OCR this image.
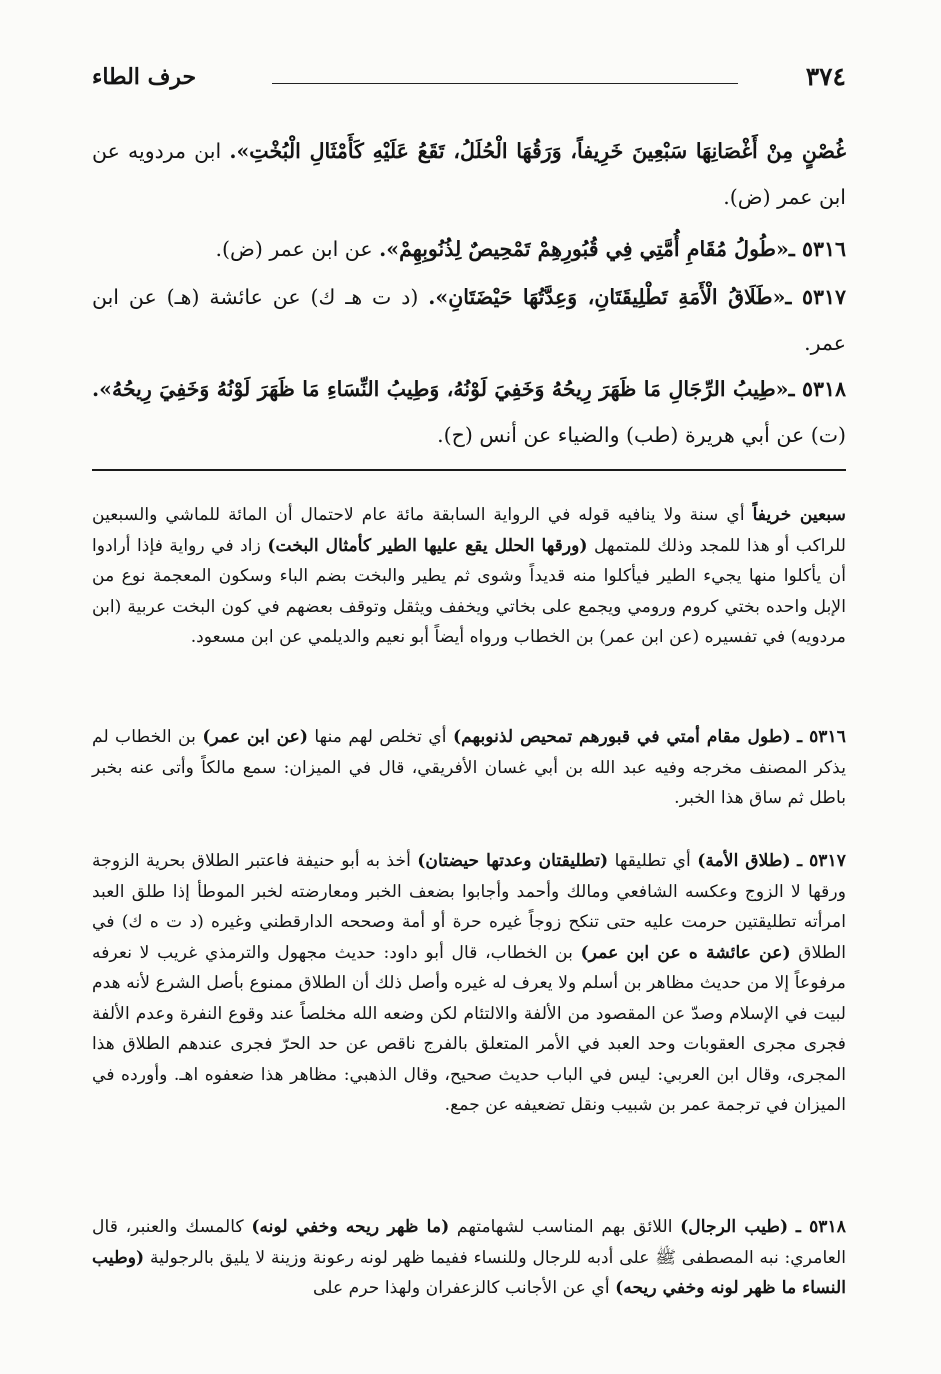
٣٧٤
حرف الطاء

غُصْنٍ مِنْ أَغْصَانِهَا سَبْعِينَ خَرِيفاً، وَرَقُهَا الْحُلَلُ، تَقَعُ عَلَيْهِ كَأَمْثَالِ الْبُخْتِ». ابن مردويه عن ابن عمر (ض).

٥٣١٦ ـ«طُولُ مُقَامِ أُمَّتِي فِي قُبُورِهِمْ تَمْحِيصٌ لِذُنُوبِهِمْ». عن ابن عمر (ض).

٥٣١٧ ـ«طَلَاقُ الْأَمَةِ تَطْلِيقَتَانِ، وَعِدَّتُهَا حَيْضَتَانِ». (د ت هـ ك) عن عائشة (هـ) عن ابن عمر.

٥٣١٨ ـ«طِيبُ الرِّجَالِ مَا ظَهَرَ رِيحُهُ وَخَفِيَ لَوْنُهُ، وَطِيبُ النِّسَاءِ مَا ظَهَرَ لَوْنُهُ وَخَفِيَ رِيحُهُ». (ت) عن أبي هريرة (طب) والضياء عن أنس (ح).

سبعين خريفاً أي سنة ولا ينافيه قوله في الرواية السابقة مائة عام لاحتمال أن المائة للماشي والسبعين للراكب أو هذا للمجد وذلك للمتمهل (ورقها الحلل يقع عليها الطير كأمثال البخت) زاد في رواية فإذا أرادوا أن يأكلوا منها يجيء الطير فيأكلوا منه قديداً وشوى ثم يطير والبخت بضم الباء وسكون المعجمة نوع من الإبل واحده بختي كروم ورومي ويجمع على بخاتي ويخفف ويثقل وتوقف بعضهم في كون البخت عربية (ابن مردويه) في تفسيره (عن ابن عمر) بن الخطاب ورواه أيضاً أبو نعيم والديلمي عن ابن مسعود.

٥٣١٦ ـ (طول مقام أمتي في قبورهم تمحيص لذنوبهم) أي تخلص لهم منها (عن ابن عمر) بن الخطاب لم يذكر المصنف مخرجه وفيه عبد الله بن أبي غسان الأفريقي، قال في الميزان: سمع مالكاً وأتى عنه بخبر باطل ثم ساق هذا الخبر.

٥٣١٧ ـ (طلاق الأمة) أي تطليقها (تطليقتان وعدتها حيضتان) أخذ به أبو حنيفة فاعتبر الطلاق بحرية الزوجة ورقها لا الزوج وعكسه الشافعي ومالك وأحمد وأجابوا بضعف الخبر ومعارضته لخبر الموطأ إذا طلق العبد امرأته تطليقتين حرمت عليه حتى تنكح زوجاً غيره حرة أو أمة وصححه الدارقطني وغيره (د ت ه ك) في الطلاق (عن عائشة ه عن ابن عمر) بن الخطاب، قال أبو داود: حديث مجهول والترمذي غريب لا نعرفه مرفوعاً إلا من حديث مظاهر بن أسلم ولا يعرف له غيره وأصل ذلك أن الطلاق ممنوع بأصل الشرع لأنه هدم لبيت في الإسلام وصدّ عن المقصود من الألفة والالتئام لكن وضعه الله مخلصاً عند وقوع النفرة وعدم الألفة فجرى مجرى العقوبات وحد العبد في الأمر المتعلق بالفرج ناقص عن حد الحرّ فجرى عندهم الطلاق هذا المجرى، وقال ابن العربي: ليس في الباب حديث صحيح، وقال الذهبي: مظاهر هذا ضعفوه اهـ. وأورده في الميزان في ترجمة عمر بن شبيب ونقل تضعيفه عن جمع.

٥٣١٨ ـ (طيب الرجال) اللائق بهم المناسب لشهامتهم (ما ظهر ريحه وخفي لونه) كالمسك والعنبر، قال العامري: نبه المصطفى ﷺ على أدبه للرجال وللنساء ففيما ظهر لونه رعونة وزينة لا يليق بالرجولية (وطيب النساء ما ظهر لونه وخفي ريحه) أي عن الأجانب كالزعفران ولهذا حرم على
